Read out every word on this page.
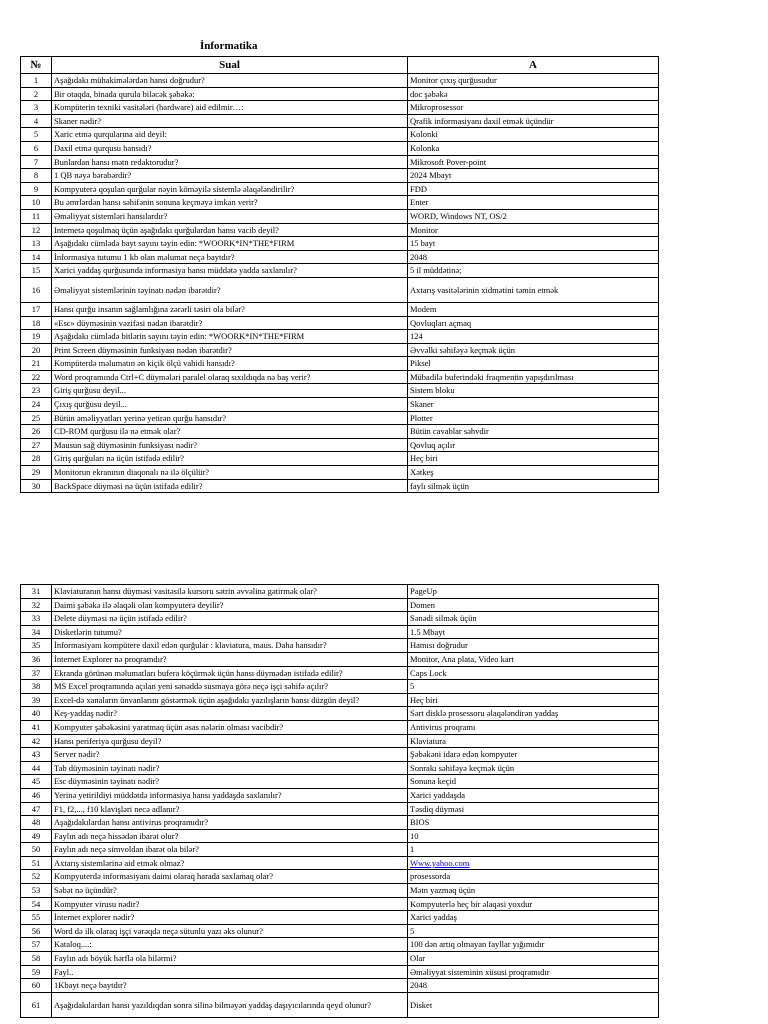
İnformatika
№	Sual	A
1	Aşağıdakı mühakimələrdən hansı doğrudur?	Monitor çıxış qurğusudur
2	Bir otaqda, binada qurula biləcək şəbəkə:	doc şəbəkə
3	Kompüterin texniki vasitələri (hardware) aid edilmir…:	Mikroprosessor
4	Skaner nədir?	Qrafik informasiyanı daxil etmək üçündür
5	Xaric etmə qurqularına aid deyil:	Kolonki
6	Daxil etmə qurqusu hansıdı?	Kolonka
7	Bunlardan hansı mətn redaktorudur?	Mikrosoft Pover-point
8	1 QB nəyə bərabərdir?	2024 Mbayt
9	Kompyuterə qoşulan qurğular nəyin köməyilə sistemlə əlaqələndirilir?	FDD
10	Bu əmrlərdən hansı səhifənin sonuna keçməyə imkan verir?	Enter
11	Əməliyyat sistemləri hansılardır?	WORD, Windows NT, OS/2
12	Internetə qoşulmaq üçün aşağıdakı qurğulardan hansı vacib deyil?	Monitor
13	Aşağıdakı cümlədə bayt sayını təyin edin: *WOORK*IN*THE*FIRM	15 bayt
14	İnformasiya tutumu 1 kb olan məlumat neçə baytdır?	2048
15	Xarici yaddaş qurğusunda informasiya hansı müddətə yadda saxlanılır?	5 il müddətinə;
16	Əməliyyat sistemlərinin təyinatı nədən ibarətdir?	Axtarış vasitələrinin xidmətini təmin etmək
17	Hansı qurğu insanın sağlamlığına zərərli təsiri ola bilər?	Modem
18	«Esc» düyməsinin vəzifəsi nədən ibarətdir?	Qovluqları açmaq
19	Aşağıdakı cümlədə bitlərin sayını təyin edin: *WOORK*IN*THE*FIRM	124
20	Print Screen düyməsinin funksiyası nədən ibarətdir?	Əvvəlki səhifəyə keçmək üçün
21	Kompüterdə məlumatın ən kiçik ölçü vahidi hansıdı?	Piksel
22	Word proqramında Ctrl+C düymələri paralel olaraq sıxıldıqda nə baş verir?	Mübadilə buferindəki fraqmentin yapışdırılması
23	Giriş qurğusu deyil...	Sistem bloku
24	Çıxış qurğusu deyil...	Skaner
25	Bütün əməliyyatları yerinə yetirən qurğu hansıdır?	Plotter
26	CD-ROM qurğusu ilə nə etmək olar?	Bütün cavablar səhvdir
27	Mausun sağ düyməsinin funksiyası nədir?	Qovluq açılır
28	Giriş qurğuları nə üçün istifadə edilir?	Heç biri
29	Monitorun ekranının diaqonalı nə ilə ölçülür?	Xətkeş
30	BackSpace düyməsi nə üçün istifadə edilir?	faylı silmək üçün
31	Klaviaturanın hansı düyməsi vasitəsilə kursoru sətrin əvvəlinə gətirmək olar?	PageUp
32	Daimi şəbəkə ilə əlaqəli olan kompyuterə deyilir?	Domen
33	Delete düyməsi nə üçün istifadə edilir?	Sənədi silmək üçün
34	Disketlərin tutumu?	1.5 Mbayt
35	İnformasiyanı kompütere daxil edən qurğular : klaviatura, maus. Daha hansıdır?	Hamısı doğrudur
36	İnternet Explorer nə proqramdır?	Monitor, Ana plata, Video kart
37	Ekranda görünən məlumatları bufera köçürmək üçün hansı düymədən istifadə edilir?	Caps Lock
38	MS Excel proqramında açılan yeni sənəddə susmaya görə neçə işçi səhifə açılır?	5
39	Excel-də xanaların ünvanlarını göstərmək üçün aşağıdakı yazılışların hansı düzgün deyil?	Heç biri
40	Keş-yaddaş nədir?	Sərt disklə prosessoru əlaqələndirən yaddaş
41	Kompyuter şəbəkəsini yaratmaq üçün əsas nələrin olması vacibdir?	Antivirus proqramı
42	Hansı periferiya qurğusu deyil?	Klaviatura
43	Server nədir?	Şəbəkəni idarə edən kompyuter
44	Tab düyməsinin təyinatı nədir?	Sonrakı səhifəyə keçmək üçün
45	Esc düyməsinin təyinatı nədir?	Sonuna keçid
46	Yerinə yetirildiyi müddətdə informasiya hansı yaddaşda saxlanılır?	Xarici yaddaşda
47	F1, f2,..., f10 klavişləri necə adlanır?	Təsdiq düyməsi
48	Aşağıdakılardan hansı antivirus proqramıdır?	BIOS
49	Faylın adı neçə hissədən ibarət olur?	10
50	Faylın adı neçə simvoldan ibarət ola bilər?	1
51	Axtarış sistemlərinə aid etmək olmaz?	Www.yahoo.com
52	Kompyuterdə informasiyanı daimi olaraq harada saxlamaq olar?	prosessorda
53	Səbət nə üçündür?	Mətn yazmaq üçün
54	Kompyuter virusu nədir?	Kompyuterlə heç bir əlaqəsi yoxdur
55	İnternet explorer nədir?	Xarici yaddaş
56	Word də ilk olaraq işçi vərəqdə neçə sütunlu yazı əks olunur?	5
57	Kataloq....:	100 dən artıq olmayan fayllar yığımıdır
58	Faylın adı böyük hərflə ola bilərmi?	Olar
59	Fayl..	Əməliyyat sisteminin xüsusi proqramıdır
60	1Kbayt neçə baytdır?	2048
61	Aşağıdakılardan hansı yazıldıqdan sonra silinə bilməyən yaddaş daşıyıcılarında qeyd olunur?	Disket
